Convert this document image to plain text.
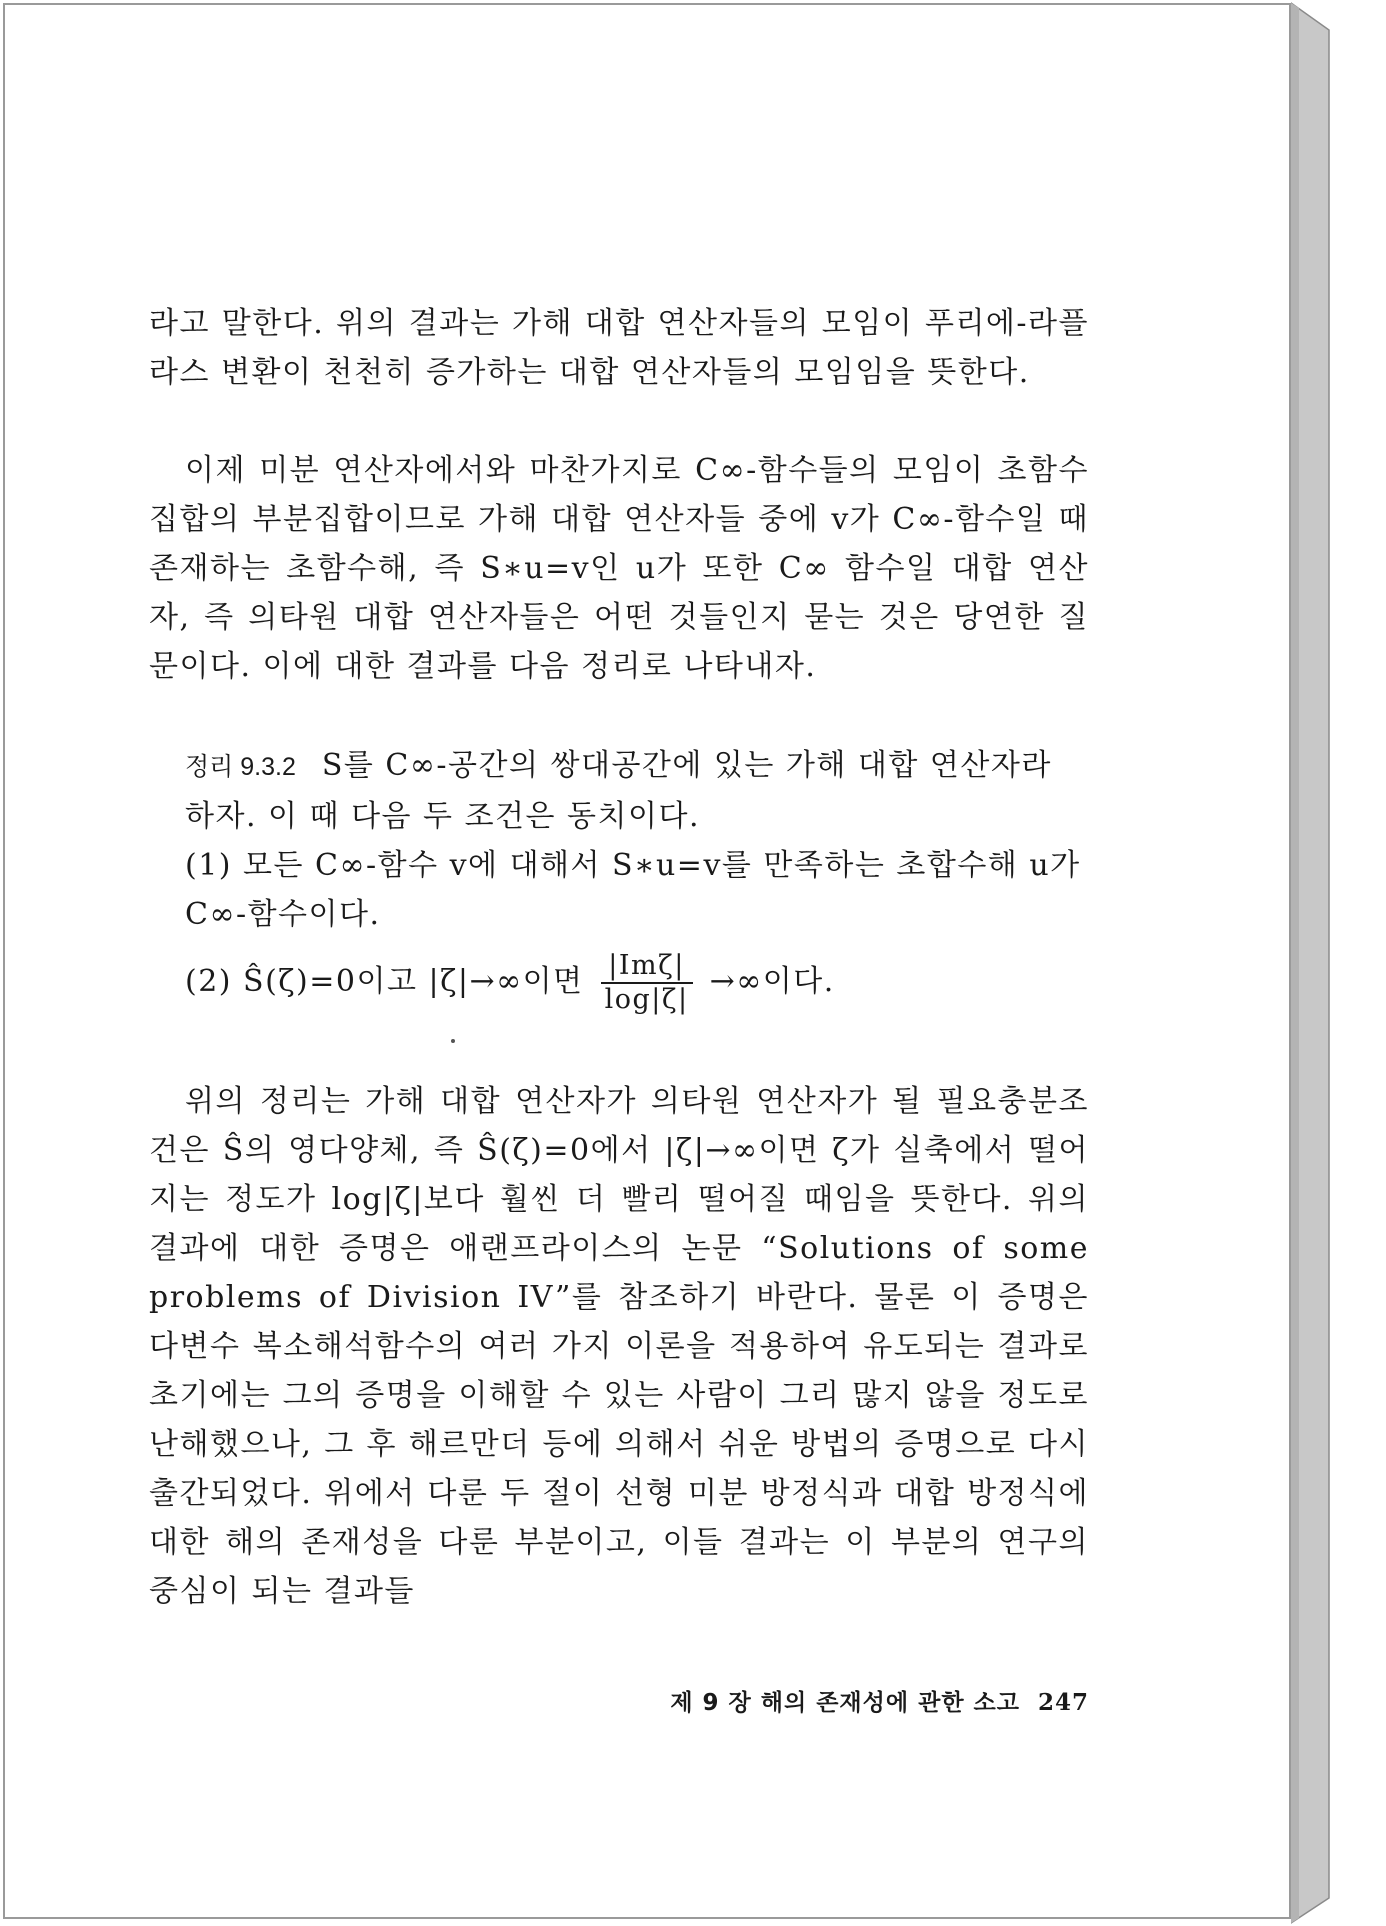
라고 말한다. 위의 결과는 가해 대합 연산자들의 모임이 푸리에-라플라스 변환이 천천히 증가하는 대합 연산자들의 모임임을 뜻한다.
이제 미분 연산자에서와 마찬가지로 C∞-함수들의 모임이 초함수 집합의 부분집합이므로 가해 대합 연산자들 중에 v가 C∞-함수일 때 존재하는 초함수해, 즉 S∗u=v인 u가 또한 C∞ 함수일 대합 연산자, 즉 의타원 대합 연산자들은 어떤 것들인지 묻는 것은 당연한 질문이다. 이에 대한 결과를 다음 정리로 나타내자.
정리 9.3.2 S를 C∞-공간의 쌍대공간에 있는 가해 대합 연산자라 하자. 이 때 다음 두 조건은 동치이다.
(1) 모든 C∞-함수 v에 대해서 S∗u=v를 만족하는 초합수해 u가 C∞-함수이다.
(2) Ŝ(ζ)=0이고 |ζ|→∞이면 $\frac{\text{|Imζ|}}{\log|\zeta|}$ →∞이다.
위의 정리는 가해 대합 연산자가 의타원 연산자가 될 필요충분조건은 Ŝ의 영다양체, 즉 Ŝ(ζ)=0에서 |ζ|→∞이면 ζ가 실축에서 떨어지는 정도가 log|ζ|보다 훨씬 더 빨리 떨어질 때임을 뜻한다. 위의 결과에 대한 증명은 애랜프라이스의 논문 “Solutions of some problems of Division IV”를 참조하기 바란다. 물론 이 증명은 다변수 복소해석함수의 여러 가지 이론을 적용하여 유도되는 결과로 초기에는 그의 증명을 이해할 수 있는 사람이 그리 많지 않을 정도로 난해했으나, 그 후 해르만더 등에 의해서 쉬운 방법의 증명으로 다시 출간되었다. 위에서 다룬 두 절이 선형 미분 방정식과 대합 방정식에 대한 해의 존재성을 다룬 부분이고, 이들 결과는 이 부분의 연구의 중심이 되는 결과들
제 9 장 해의 존재성에 관한 소고 247
